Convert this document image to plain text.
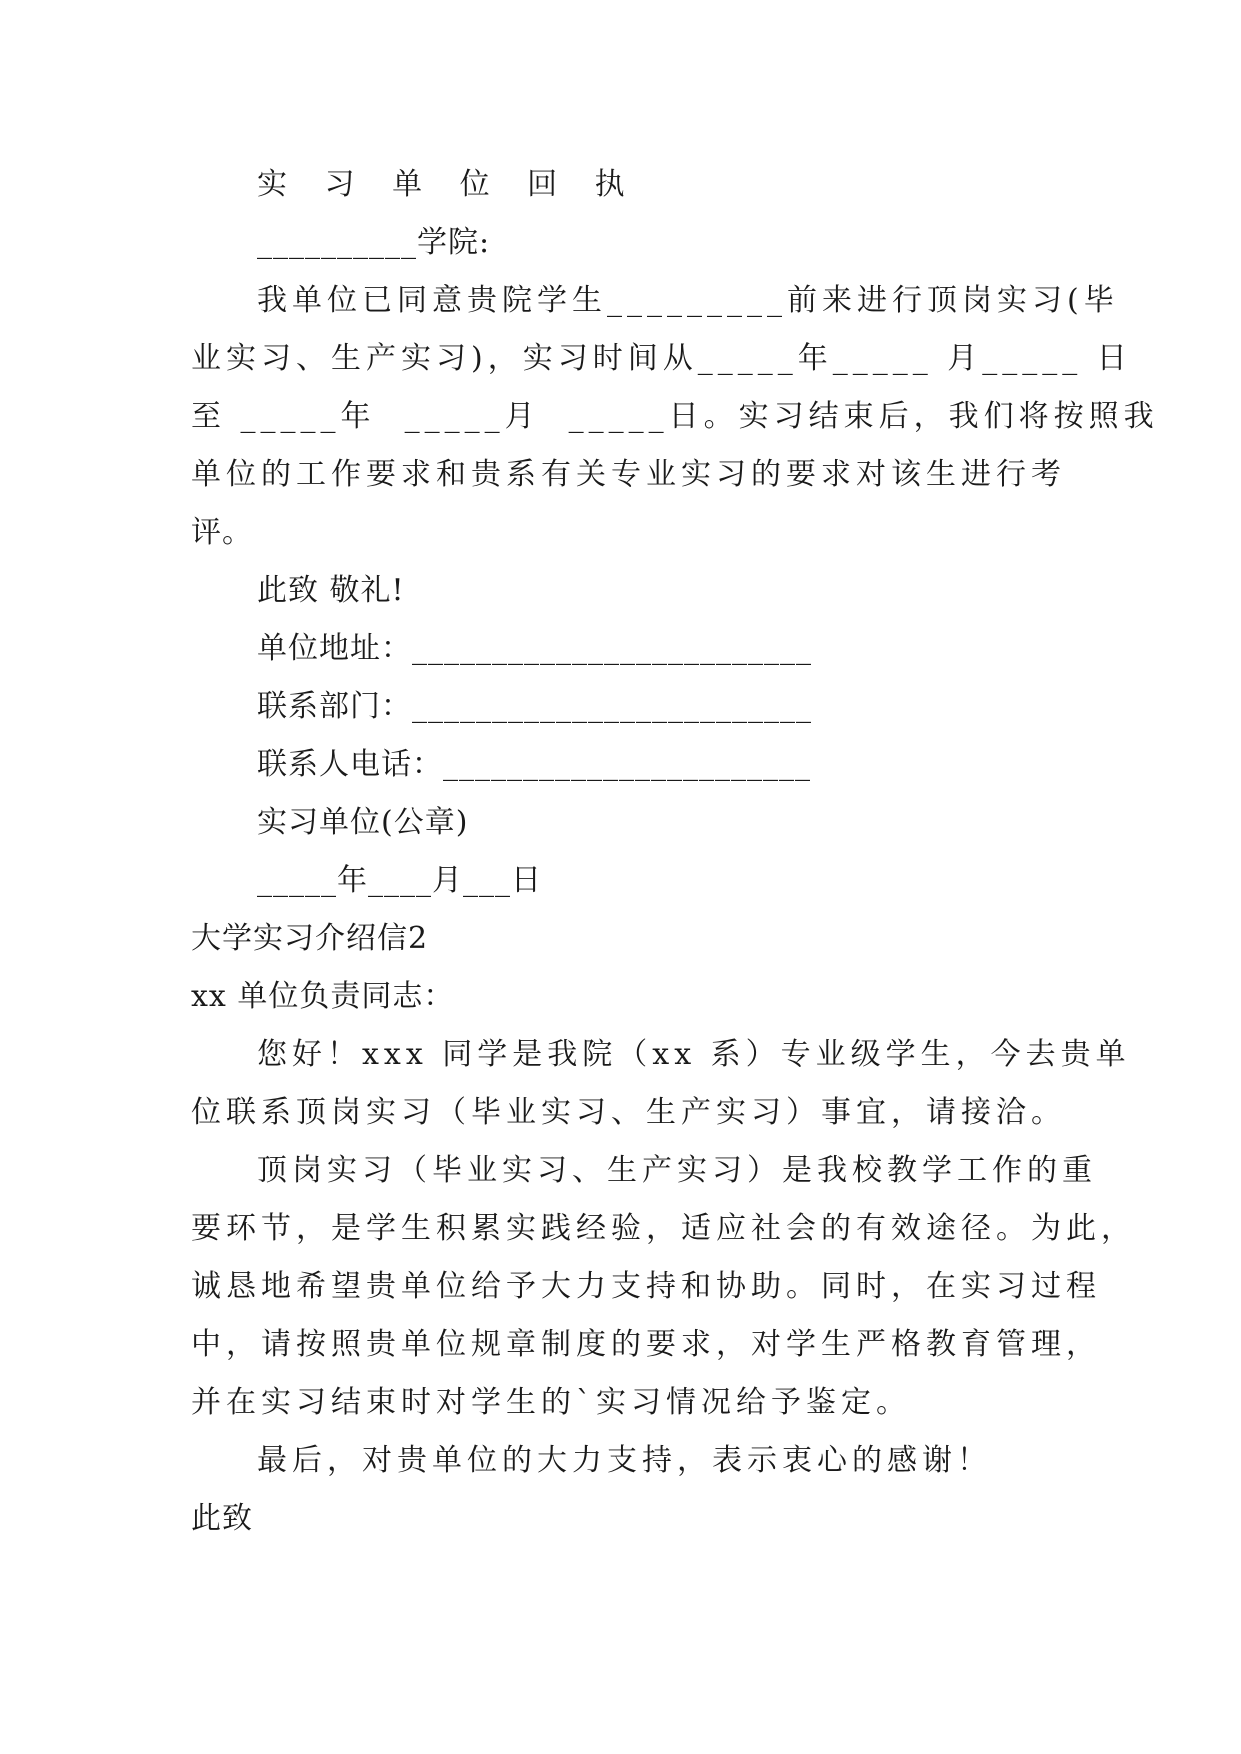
实 习 单 位 回 执
__________学院:
我单位已同意贵院学生_________前来进行顶岗实习(毕
业实习、生产实习)，实习时间从_____年_____ 月_____ 日
至 _____年  _____月  _____日。实习结束后，我们将按照我
单位的工作要求和贵系有关专业实习的要求对该生进行考
评。
此致 敬礼!
单位地址：_________________________
联系部门：_________________________
联系人电话：_______________________
实习单位(公章)
_____年____月___日
大学实习介绍信2
xx 单位负责同志：
您好！xxx 同学是我院（xx 系）专业级学生，今去贵单
位联系顶岗实习（毕业实习、生产实习）事宜，请接洽。
顶岗实习（毕业实习、生产实习）是我校教学工作的重
要环节，是学生积累实践经验，适应社会的有效途径。为此，
诚恳地希望贵单位给予大力支持和协助。同时，在实习过程
中，请按照贵单位规章制度的要求，对学生严格教育管理，
并在实习结束时对学生的`实习情况给予鉴定。
最后，对贵单位的大力支持，表示衷心的感谢！
此致
